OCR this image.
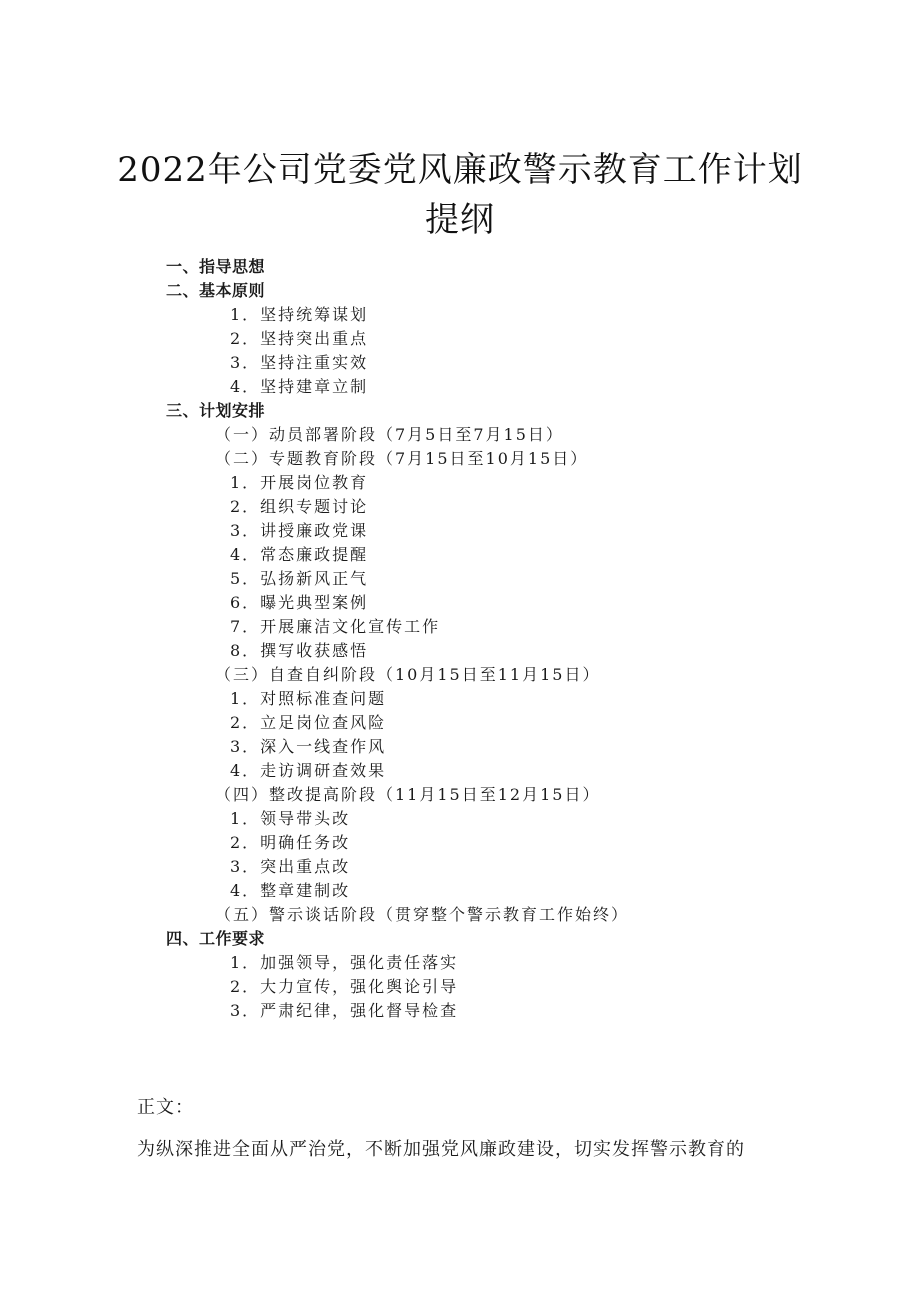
2022年公司党委党风廉政警示教育工作计划
提纲
一、指导思想
二、基本原则
1．坚持统筹谋划
2．坚持突出重点
3．坚持注重实效
4．坚持建章立制
三、计划安排
（一）动员部署阶段（7月5日至7月15日）
（二）专题教育阶段（7月15日至10月15日）
1．开展岗位教育
2．组织专题讨论
3．讲授廉政党课
4．常态廉政提醒
5．弘扬新风正气
6．曝光典型案例
7．开展廉洁文化宣传工作
8．撰写收获感悟
（三）自查自纠阶段（10月15日至11月15日）
1．对照标准查问题
2．立足岗位查风险
3．深入一线查作风
4．走访调研查效果
（四）整改提高阶段（11月15日至12月15日）
1．领导带头改
2．明确任务改
3．突出重点改
4．整章建制改
（五）警示谈话阶段（贯穿整个警示教育工作始终）
四、工作要求
1．加强领导，强化责任落实
2．大力宣传，强化舆论引导
3．严肃纪律，强化督导检查
正文：
为纵深推进全面从严治党，不断加强党风廉政建设，切实发挥警示教育的
